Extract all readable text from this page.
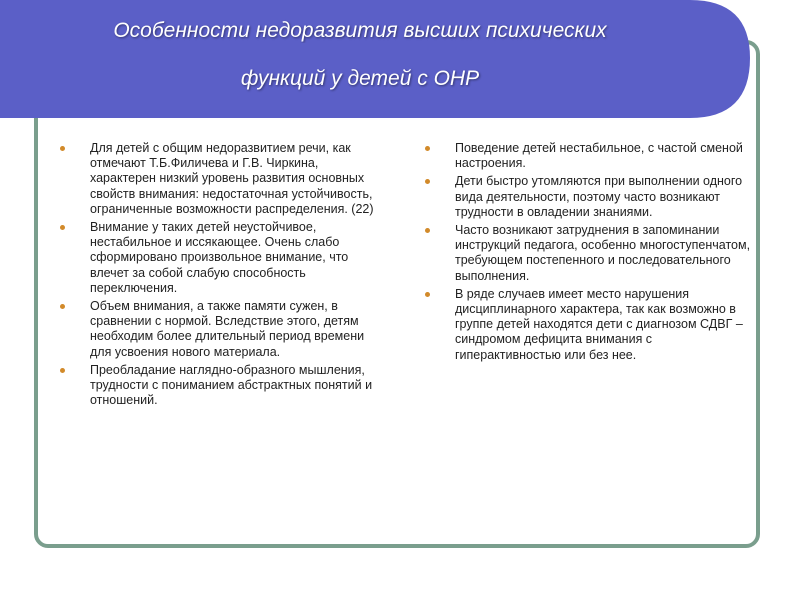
Особенности недоразвития высших психических
функций у детей с ОНР
Для детей с общим недоразвитием речи, как отмечают Т.Б.Филичева и Г.В. Чиркина, характерен низкий уровень развития основных свойств внимания: недостаточная устойчивость, ограниченные возможности распределения. (22)
Внимание у таких детей неустойчивое, нестабильное и иссякающее. Очень слабо сформировано произвольное внимание, что влечет за собой слабую способность переключения.
Объем внимания, а также памяти сужен, в сравнении с нормой. Вследствие этого, детям необходим более длительный период времени для усвоения нового материала.
Преобладание наглядно-образного мышления, трудности с пониманием абстрактных понятий и отношений.
Поведение детей нестабильное, с частой сменой настроения.
Дети быстро утомляются при выполнении одного вида деятельности, поэтому часто возникают трудности в овладении знаниями.
Часто возникают затруднения в запоминании инструкций педагога, особенно многоступенчатом, требующем постепенного и последовательного выполнения.
В ряде случаев имеет место нарушения дисциплинарного характера, так как возможно в группе детей находятся дети с диагнозом СДВГ – синдромом дефицита внимания с гиперактивностью или без нее.
